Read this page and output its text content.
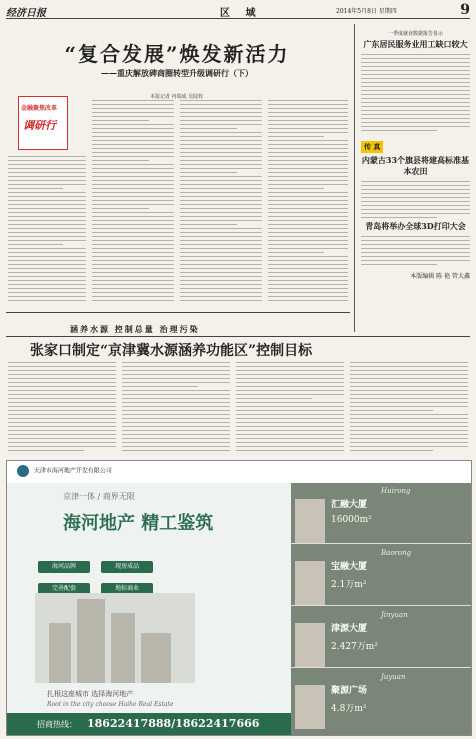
经济日报	区 域	2014年5月8日 星期四	9
“复合发展”焕发新活力
——重庆解放碑商圈转型升级调研行（下）
本报记者 冉瑞成 吴陆牧
金融聚焦改革
调研行
一季度就业数据报告显示
广东居民服务业用工缺口较大
传 真
内蒙古33个旗县将建高标准基本农田
青岛将举办全球3D打印大会
本版编辑 陈 艳 管大鑫
涵养水源 控制总量 治理污染
张家口制定“京津冀水源涵养功能区”控制目标
天津市海河地产开发有限公司
京津一体 / 商界无限
海河地产 精工鉴筑
海河品牌	现房成品 完善配套	地标商业
扎根这座城市 选择海河地产
Root in the city choose Haihe Real Estate
招商热线： 18622417888/18622417666
Huirong
汇融大厦
16000m²
Baorong
宝融大厦
2.1万m²
Jinyuan
津源大厦
2.427万m²
Juyuan
聚源广场
4.8万m²
